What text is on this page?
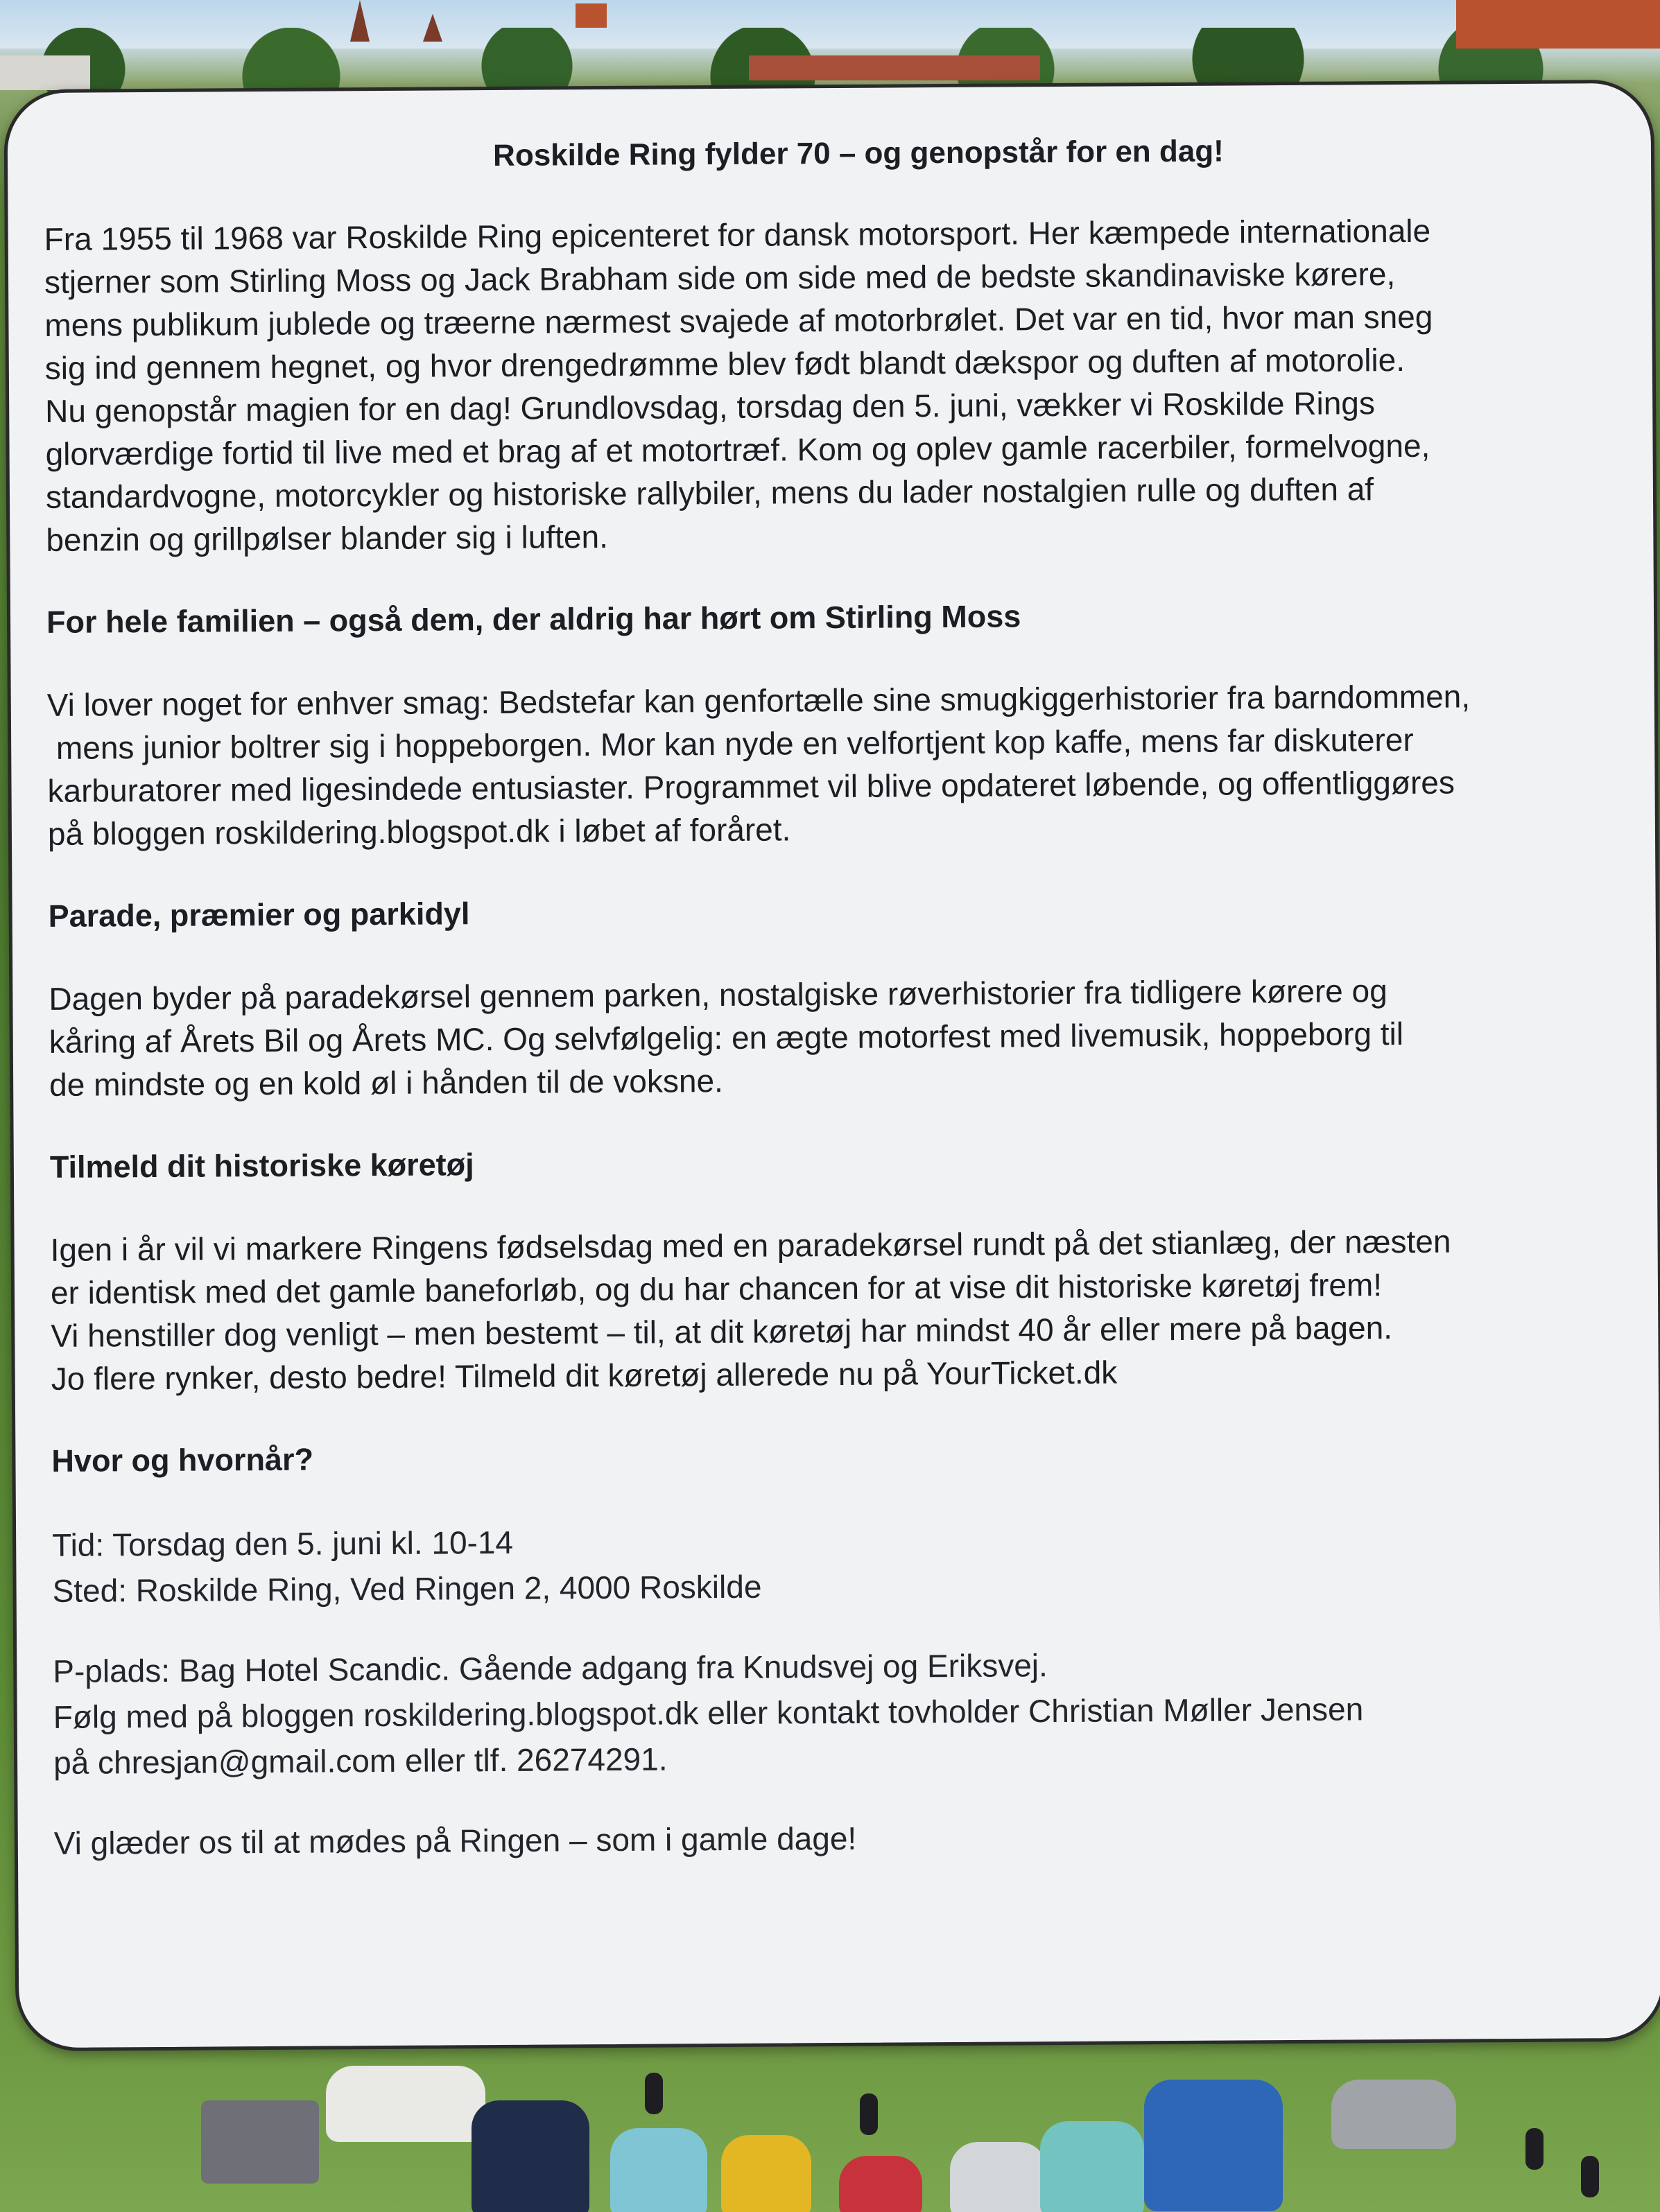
Roskilde Ring fylder 70 – og genopstår for en dag!
Fra 1955 til 1968 var Roskilde Ring epicenteret for dansk motorsport. Her kæmpede internationale
stjerner som Stirling Moss og Jack Brabham side om side med de bedste skandinaviske kørere,
mens publikum jublede og træerne nærmest svajede af motorbrølet. Det var en tid, hvor man sneg
sig ind gennem hegnet, og hvor drengedrømme blev født blandt dækspor og duften af motorolie.
Nu genopstår magien for en dag! Grundlovsdag, torsdag den 5. juni, vækker vi Roskilde Rings
glorværdige fortid til live med et brag af et motortræf. Kom og oplev gamle racerbiler, formelvogne,
standardvogne, motorcykler og historiske rallybiler, mens du lader nostalgien rulle og duften af
benzin og grillpølser blander sig i luften.
For hele familien – også dem, der aldrig har hørt om Stirling Moss
Vi lover noget for enhver smag: Bedstefar kan genfortælle sine smugkiggerhistorier fra barndommen,
mens junior boltrer sig i hoppeborgen. Mor kan nyde en velfortjent kop kaffe, mens far diskuterer
karburatorer med ligesindede entusiaster. Programmet vil blive opdateret løbende, og offentliggøres
på bloggen roskildering.blogspot.dk i løbet af foråret.
Parade, præmier og parkidyl
Dagen byder på paradekørsel gennem parken, nostalgiske røverhistorier fra tidligere kørere og
kåring af Årets Bil og Årets MC. Og selvfølgelig: en ægte motorfest med livemusik, hoppeborg til
de mindste og en kold øl i hånden til de voksne.
Tilmeld dit historiske køretøj
Igen i år vil vi markere Ringens fødselsdag med en paradekørsel rundt på det stianlæg, der næsten
er identisk med det gamle baneforløb, og du har chancen for at vise dit historiske køretøj frem!
Vi henstiller dog venligt – men bestemt – til, at dit køretøj har mindst 40 år eller mere på bagen.
Jo flere rynker, desto bedre! Tilmeld dit køretøj allerede nu på YourTicket.dk
Hvor og hvornår?
Tid: Torsdag den 5. juni kl. 10-14
Sted: Roskilde Ring, Ved Ringen 2, 4000 Roskilde
P-plads: Bag Hotel Scandic. Gående adgang fra Knudsvej og Eriksvej.
Følg med på bloggen roskildering.blogspot.dk eller kontakt tovholder Christian Møller Jensen
på chresjan@gmail.com eller tlf. 26274291.
Vi glæder os til at mødes på Ringen – som i gamle dage!
